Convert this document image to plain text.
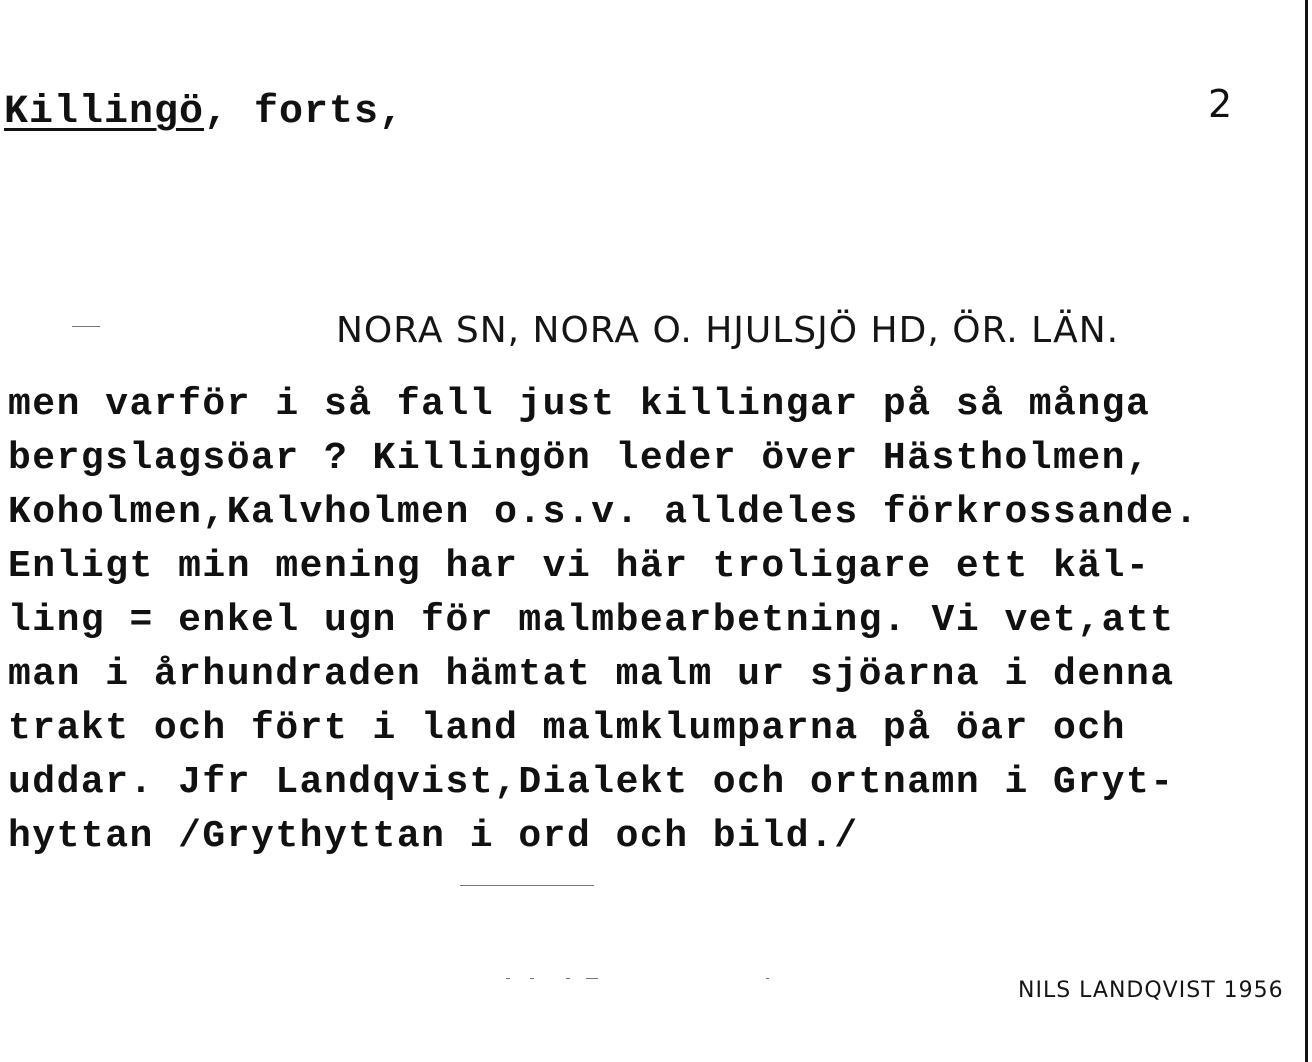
Killingö, forts,	2
NORA SN, NORA O. HJULSJÖ HD, ÖR. LÄN.
men varför i så fall just killingar på så många
bergslagsöar ? Killingön leder över Hästholmen,
Koholmen,Kalvholmen o.s.v. alldeles förkrossande.
Enligt min mening har vi här troligare ett käl-
ling = enkel ugn för malmbearbetning. Vi vet,att
man i århundraden hämtat malm ur sjöarna i denna
trakt och fört i land malmklumparna på öar och
uddar. Jfr Landqvist,Dialekt och ortnamn i Gryt-
hyttan /Grythyttan i ord och bild./
NILS LANDQVIST 1956
